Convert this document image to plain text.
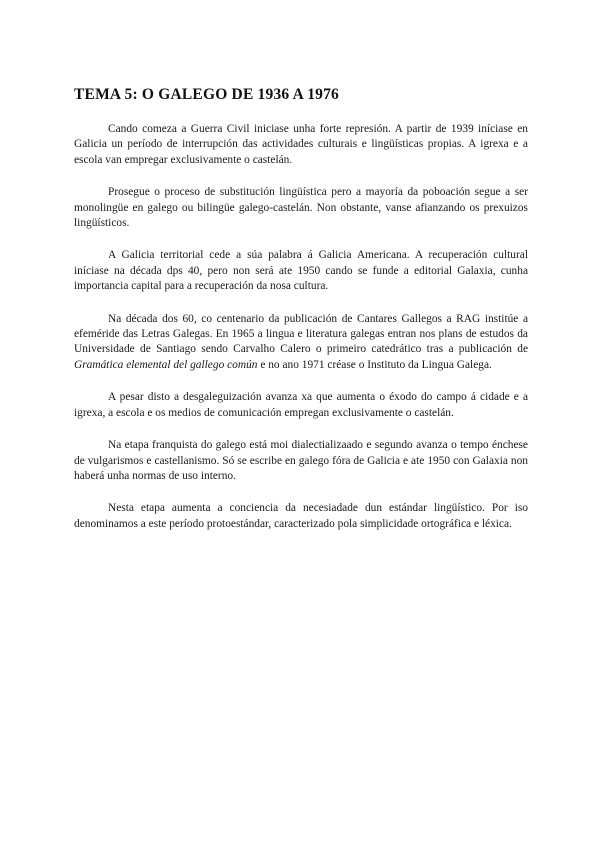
TEMA 5: O GALEGO DE 1936 A 1976

Cando comeza a Guerra Civil iniciase unha forte represión. A partir de 1939 iníciase en Galicia un período de interrupción das actividades culturais e lingüísticas propias. A igrexa e a escola van empregar exclusivamente o castelán.

Prosegue o proceso de substitución lingüística pero a mayoría da poboación segue a ser monolingüe en galego ou bilingüe galego-castelán. Non obstante, vanse afianzando os prexuizos lingüísticos.

A Galicia territorial cede a súa palabra á Galicia Americana. A recuperación cultural iníciase na década dps 40, pero non será ate 1950 cando se funde a editorial Galaxia, cunha importancia capital para a recuperación da nosa cultura.

Na década dos 60, co centenario da publicación de Cantares Gallegos a RAG institúe a efeméride das Letras Galegas. En 1965 a lingua e literatura galegas entran nos plans de estudos da Universidade de Santiago sendo Carvalho Calero o primeiro catedrático tras a publicación de Gramática elemental del gallego común e no ano 1971 créase o Instituto da Lingua Galega.

A pesar disto a desgaleguización avanza xa que aumenta o éxodo do campo á cidade e a igrexa, a escola e os medios de comunicación empregan exclusivamente o castelán.

Na etapa franquista do galego está moi dialectializaado e segundo avanza o tempo énchese de vulgarismos e castellanismo. Só se escribe en galego fóra de Galicia e ate 1950 con Galaxia non haberá unha normas de uso interno.

Nesta etapa aumenta a conciencia da necesiadade dun estándar lingüístico. Por iso denominamos a este período protoestándar, caracterizado pola simplicidade ortográfica e léxica.
